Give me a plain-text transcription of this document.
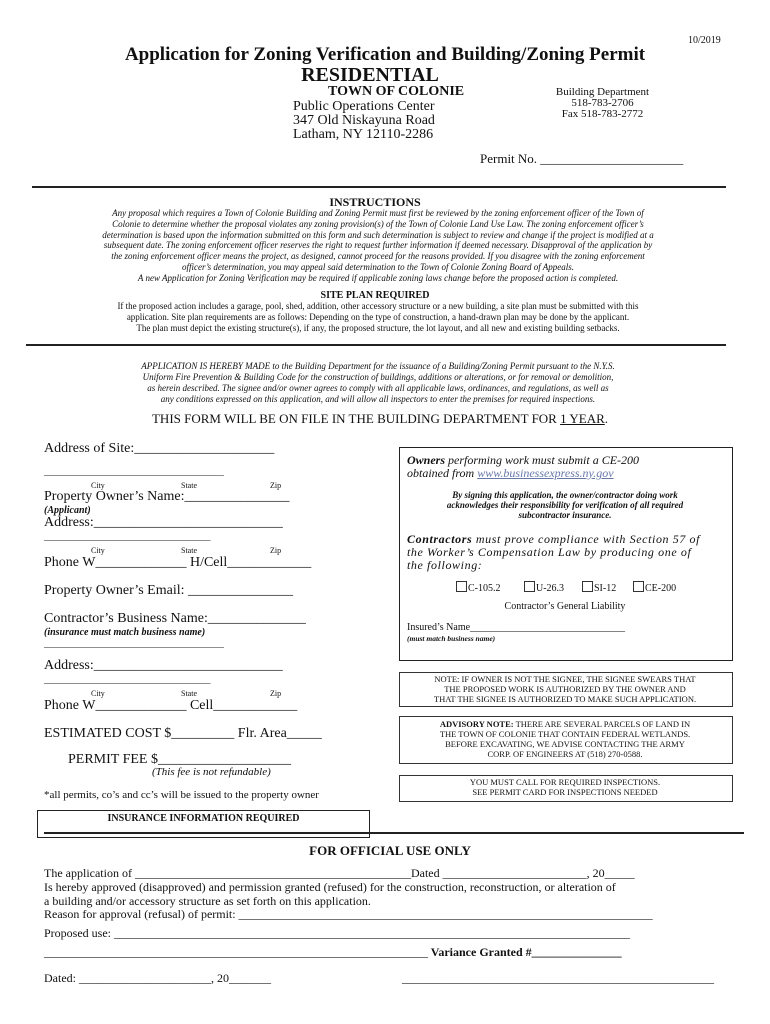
10/2019
Application for Zoning Verification and Building/Zoning Permit
RESIDENTIAL
TOWN OF COLONIE
Public Operations Center
347 Old Niskayuna Road
Latham, NY 12110-2286
Building Department
518-783-2706
Fax 518-783-2772
Permit No. ______________________
INSTRUCTIONS
Any proposal which requires a Town of Colonie Building and Zoning Permit must first be reviewed by the zoning enforcement officer of the Town of
Colonie to determine whether the proposal violates any zoning provision(s) of the Town of Colonie Land Use Law. The zoning enforcement officer’s
determination is based upon the information submitted on this form and such determination is subject to review and change if the project is modified at a
subsequent date. The zoning enforcement officer reserves the right to request further information if deemed necessary. Disapproval of the application by
the zoning enforcement officer means the project, as designed, cannot proceed for the reasons provided. If you disagree with the zoning enforcement
officer’s determination, you may appeal said determination to the Town of Colonie Zoning Board of Appeals.
A new Application for Zoning Verification may be required if applicable zoning laws change before the proposed action is completed.
SITE PLAN REQUIRED
If the proposed action includes a garage, pool, shed, addition, other accessory structure or a new building, a site plan must be submitted with this
application. Site plan requirements are as follows: Depending on the type of construction, a hand-drawn plan may be done by the applicant.
The plan must depict the existing structure(s), if any, the proposed structure, the lot layout, and all new and existing building setbacks.
APPLICATION IS HEREBY MADE to the Building Department for the issuance of a Building/Zoning Permit pursuant to the N.Y.S.
Uniform Fire Prevention & Building Code for the construction of buildings, additions or alterations, or for removal or demolition,
as herein described. The signee and/or owner agrees to comply with all applicable laws, ordinances, and regulations, as well as
any conditions expressed on this application, and will allow all inspectors to enter the premises for required inspections.
THIS FORM WILL BE ON FILE IN THE BUILDING DEPARTMENT FOR 1 YEAR.
Address of Site:____________________
________________________________________
City	State	Zip
Property Owner’s Name:_______________
(Applicant)
Address:___________________________
_____________________________________
City	State	Zip
Phone W_____________ H/Cell____________
Property Owner’s Email: _______________
Contractor’s Business Name:______________
(insurance must match business name)
________________________________________
Address:___________________________
_____________________________________
City	State	Zip
Phone W_____________ Cell____________
ESTIMATED COST $_________ Flr. Area_____
PERMIT FEE $___________________
(This fee is not refundable)
*all permits, co’s and cc’s will be issued to the property owner
INSURANCE INFORMATION REQUIRED
Owners performing work must submit a CE-200
obtained from www.businessexpress.ny.gov
By signing this application, the owner/contractor doing work
acknowledges their responsibility for verification of all required
subcontractor insurance.
Contractors must prove compliance with Section 57 of
the Worker’s Compensation Law by producing one of
the following:
C-105.2	U-26.3	SI-12	CE-200
Contractor’s General Liability
Insured’s Name_______________________________
(must match business name)
NOTE: IF OWNER IS NOT THE SIGNEE, THE SIGNEE SWEARS THAT
THE PROPOSED WORK IS AUTHORIZED BY THE OWNER AND
THAT THE SIGNEE IS AUTHORIZED TO MAKE SUCH APPLICATION.
ADVISORY NOTE: THERE ARE SEVERAL PARCELS OF LAND IN
THE TOWN OF COLONIE THAT CONTAIN FEDERAL WETLANDS.
BEFORE EXCAVATING, WE ADVISE CONTACTING THE ARMY
CORP. OF ENGINEERS AT (518) 270-0588.
YOU MUST CALL FOR REQUIRED INSPECTIONS.
SEE PERMIT CARD FOR INSPECTIONS NEEDED
FOR OFFICIAL USE ONLY
The application of ______________________________________________Dated ________________________, 20_____
Is hereby approved (disapproved) and permission granted (refused) for the construction, reconstruction, or alteration of
a building and/or accessory structure as set forth on this application.
Reason for approval (refusal) of permit: _____________________________________________________________________
Proposed use: ______________________________________________________________________________________
________________________________________________________________ Variance Granted #_______________
Dated: ______________________, 20_______	____________________________________________________
